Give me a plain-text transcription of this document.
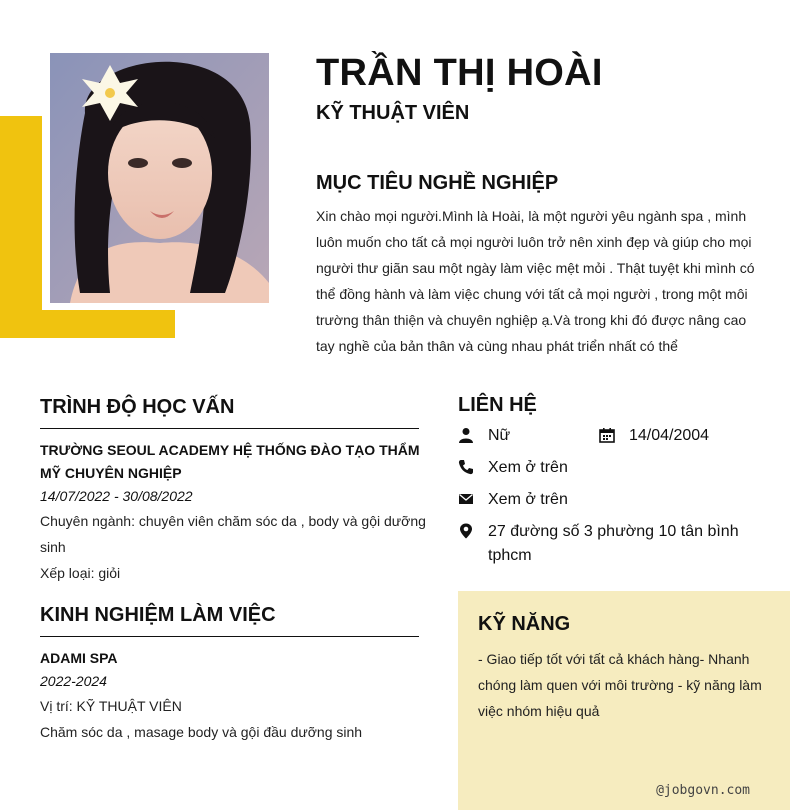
TRẦN THỊ HOÀI
KỸ THUẬT VIÊN
MỤC TIÊU NGHỀ NGHIỆP
Xin chào mọi người.Mình là Hoài, là một người yêu ngành spa , mình luôn muốn cho tất cả mọi người luôn trở nên xinh đẹp và giúp cho mọi người thư giãn sau một ngày làm việc mệt mỏi . Thật tuyệt khi mình có thể đồng hành và làm việc chung với tất cả mọi người , trong một môi trường thân thiện và chuyên nghiệp ạ.Và trong khi đó được nâng cao tay nghề của bản thân và cùng nhau phát triển nhất có thể
TRÌNH ĐỘ HỌC VẤN
TRƯỜNG SEOUL ACADEMY HỆ THỐNG ĐÀO TẠO THẨM MỸ CHUYÊN NGHIỆP
14/07/2022 - 30/08/2022
Chuyên ngành: chuyên viên chăm sóc da , body và gội dưỡng sinh
Xếp loại: giỏi
KINH NGHIỆM LÀM VIỆC
ADAMI SPA
2022-2024
Vị trí: KỸ THUẬT VIÊN
Chăm sóc da , masage body và gội đầu dưỡng sinh
LIÊN HỆ
Nữ	14/04/2004
Xem ở trên
Xem ở trên
27 đường số 3 phường 10 tân bình tphcm
KỸ NĂNG
- Giao tiếp tốt với tất cả khách hàng- Nhanh chóng làm quen với môi trường - kỹ năng làm việc nhóm hiệu quả
@jobgovn.com
